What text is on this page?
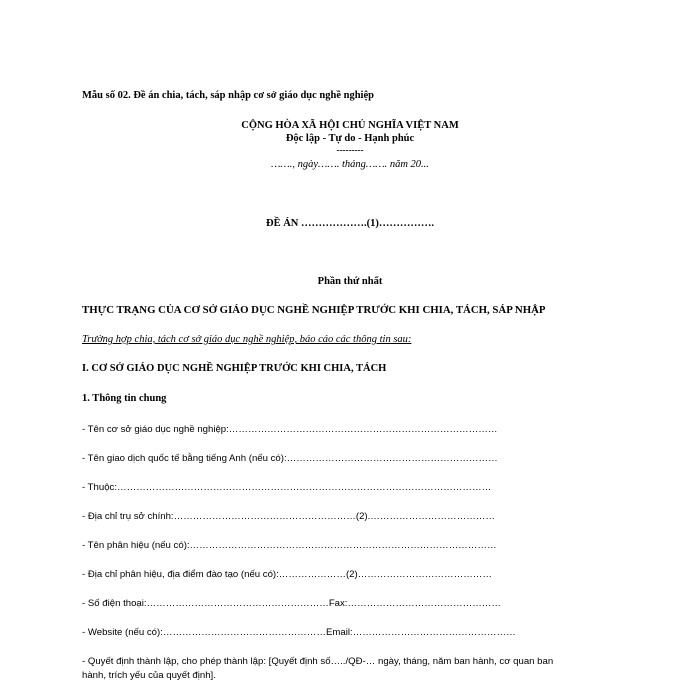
Mẫu số 02. Đề án chia, tách, sáp nhập cơ sở giáo dục nghề nghiệp
CỘNG HÒA XÃ HỘI CHỦ NGHĨA VIỆT NAM
Độc lập - Tự do - Hạnh phúc
---------
……., ngày……. tháng……. năm 20...
ĐỀ ÁN ……………….(1)…………….
Phần thứ nhất
THỰC TRẠNG CỦA CƠ SỞ GIÁO DỤC NGHỀ NGHIỆP TRƯỚC KHI CHIA, TÁCH, SÁP NHẬP
Trường hợp chia, tách cơ sở giáo dục nghề nghiệp, báo cáo các thông tin sau:
I. CƠ SỞ GIÁO DỤC NGHỀ NGHIỆP TRƯỚC KHI CHIA, TÁCH
1. Thông tin chung
- Tên cơ sở giáo dục nghề nghiệp:…………………………………………………………………………
- Tên giao dịch quốc tế bằng tiếng Anh (nếu có):…………………………………………………………
- Thuộc:………………………………………………………………………………………………………
- Địa chỉ trụ sở chính:…………………………………………………(2).…………………………………
- Tên phân hiệu (nếu có):……………………………………………………………………………………
- Địa chỉ phân hiệu, địa điểm đào tạo (nếu có):…………………(2)……………………………………
- Số điện thoại:…………………………………………………Fax:…………………………………………
- Website (nếu có):……………………………………………Email:……………………………………………
- Quyết định thành lập, cho phép thành lập: [Quyết định số…../QĐ-… ngày, tháng, năm ban hành, cơ quan ban
hành, trích yếu của quyết định].
